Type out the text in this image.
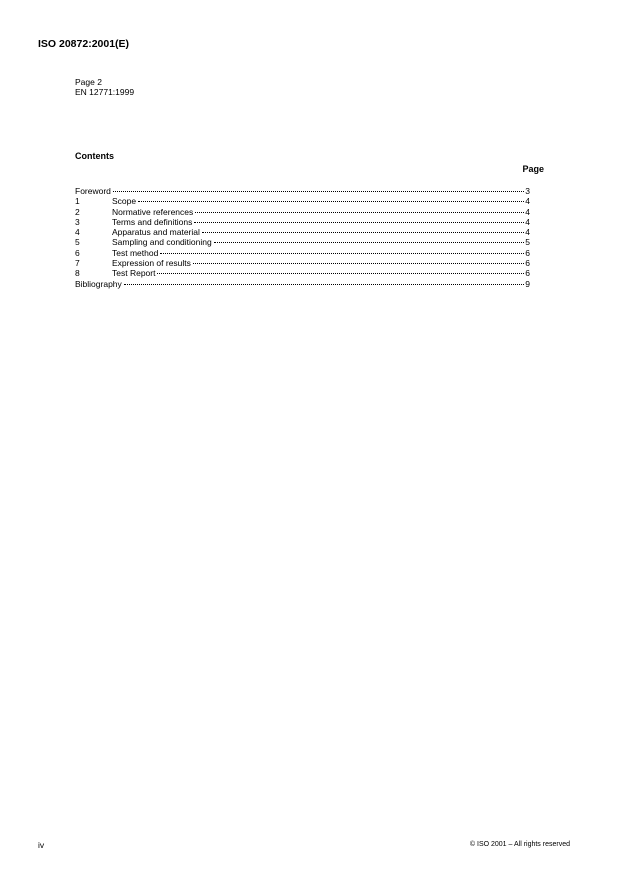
ISO 20872:2001(E)
Page 2
EN 12771:1999
Contents
Page
Foreword	3
1	Scope	4
2	Normative references	4
3	Terms and definitions	4
4	Apparatus and material	4
5	Sampling and conditioning	5
6	Test method	6
7	Expression of results	6
8	Test Report	6
Bibliography	9
iv	© ISO 2001 – All rights reserved
